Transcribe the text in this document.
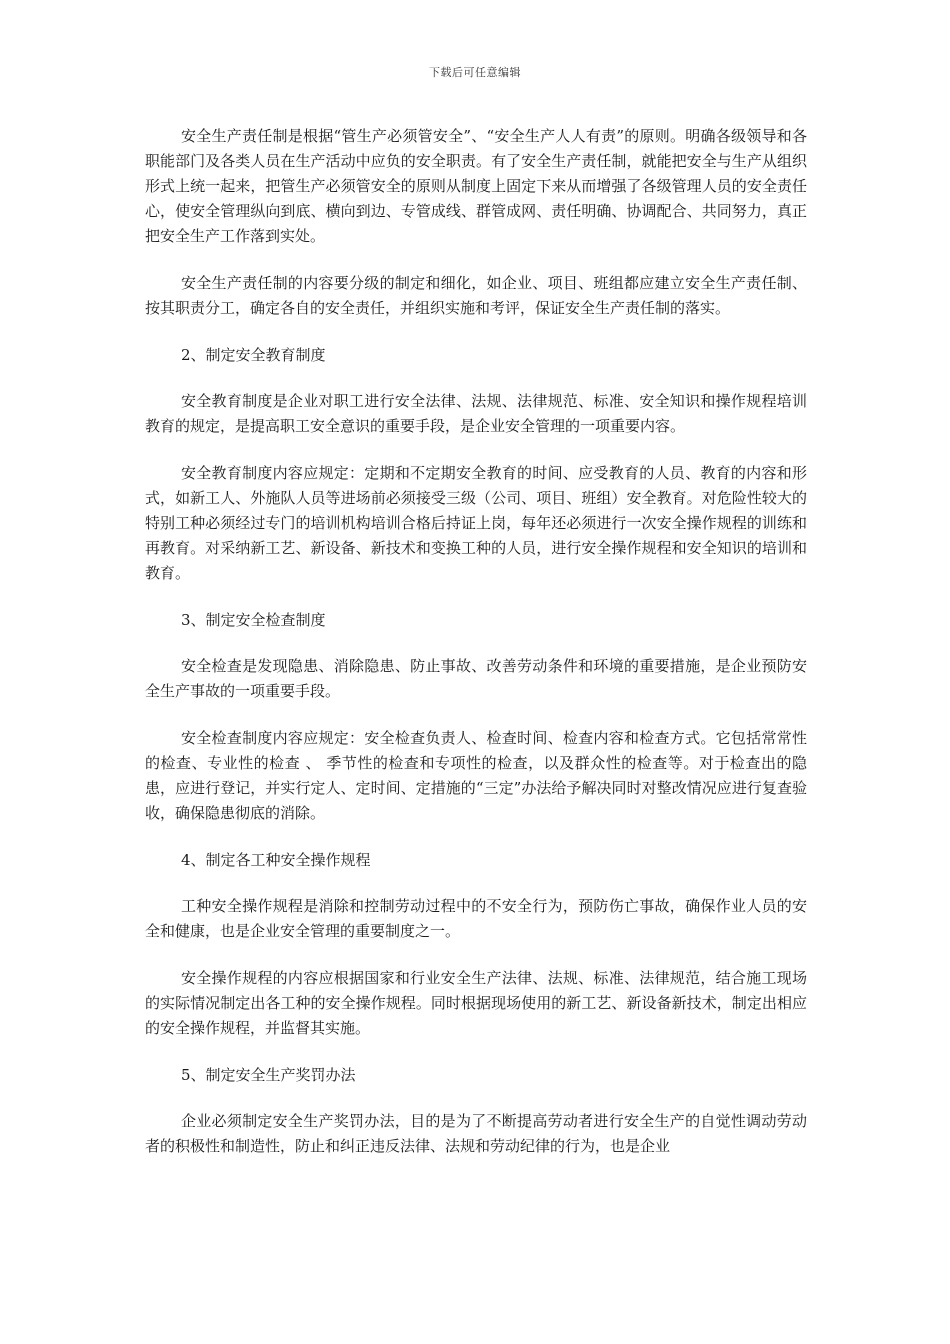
下载后可任意编辑

安全生产责任制是根据“管生产必须管安全”、“安全生产人人有责”的原则。明确各级领导和各职能部门及各类人员在生产活动中应负的安全职责。有了安全生产责任制，就能把安全与生产从组织形式上统一起来，把管生产必须管安全的原则从制度上固定下来从而增强了各级管理人员的安全责任心，使安全管理纵向到底、横向到边、专管成线、群管成网、责任明确、协调配合、共同努力，真正把安全生产工作落到实处。

安全生产责任制的内容要分级的制定和细化，如企业、项目、班组都应建立安全生产责任制、按其职责分工，确定各自的安全责任，并组织实施和考评，保证安全生产责任制的落实。

2、制定安全教育制度

安全教育制度是企业对职工进行安全法律、法规、法律规范、标准、安全知识和操作规程培训教育的规定，是提高职工安全意识的重要手段，是企业安全管理的一项重要内容。

安全教育制度内容应规定：定期和不定期安全教育的时间、应受教育的人员、教育的内容和形式，如新工人、外施队人员等进场前必须接受三级（公司、项目、班组）安全教育。对危险性较大的特别工种必须经过专门的培训机构培训合格后持证上岗，每年还必须进行一次安全操作规程的训练和再教育。对采纳新工艺、新设备、新技术和变换工种的人员，进行安全操作规程和安全知识的培训和教育。

3、制定安全检查制度

安全检查是发现隐患、消除隐患、防止事故、改善劳动条件和环境的重要措施，是企业预防安全生产事故的一项重要手段。

安全检查制度内容应规定：安全检查负责人、检查时间、检查内容和检查方式。它包括常常性的检查、专业性的检查 、 季节性的检查和专项性的检查，以及群众性的检查等。对于检查出的隐患，应进行登记，并实行定人、定时间、定措施的“三定”办法给予解决同时对整改情况应进行复查验收，确保隐患彻底的消除。

4、制定各工种安全操作规程

工种安全操作规程是消除和控制劳动过程中的不安全行为，预防伤亡事故，确保作业人员的安全和健康，也是企业安全管理的重要制度之一。

安全操作规程的内容应根据国家和行业安全生产法律、法规、标准、法律规范，结合施工现场的实际情况制定出各工种的安全操作规程。同时根据现场使用的新工艺、新设备新技术，制定出相应的安全操作规程，并监督其实施。

5、制定安全生产奖罚办法

企业必须制定安全生产奖罚办法，目的是为了不断提高劳动者进行安全生产的自觉性调动劳动者的积极性和制造性，防止和纠正违反法律、法规和劳动纪律的行为，也是企业
